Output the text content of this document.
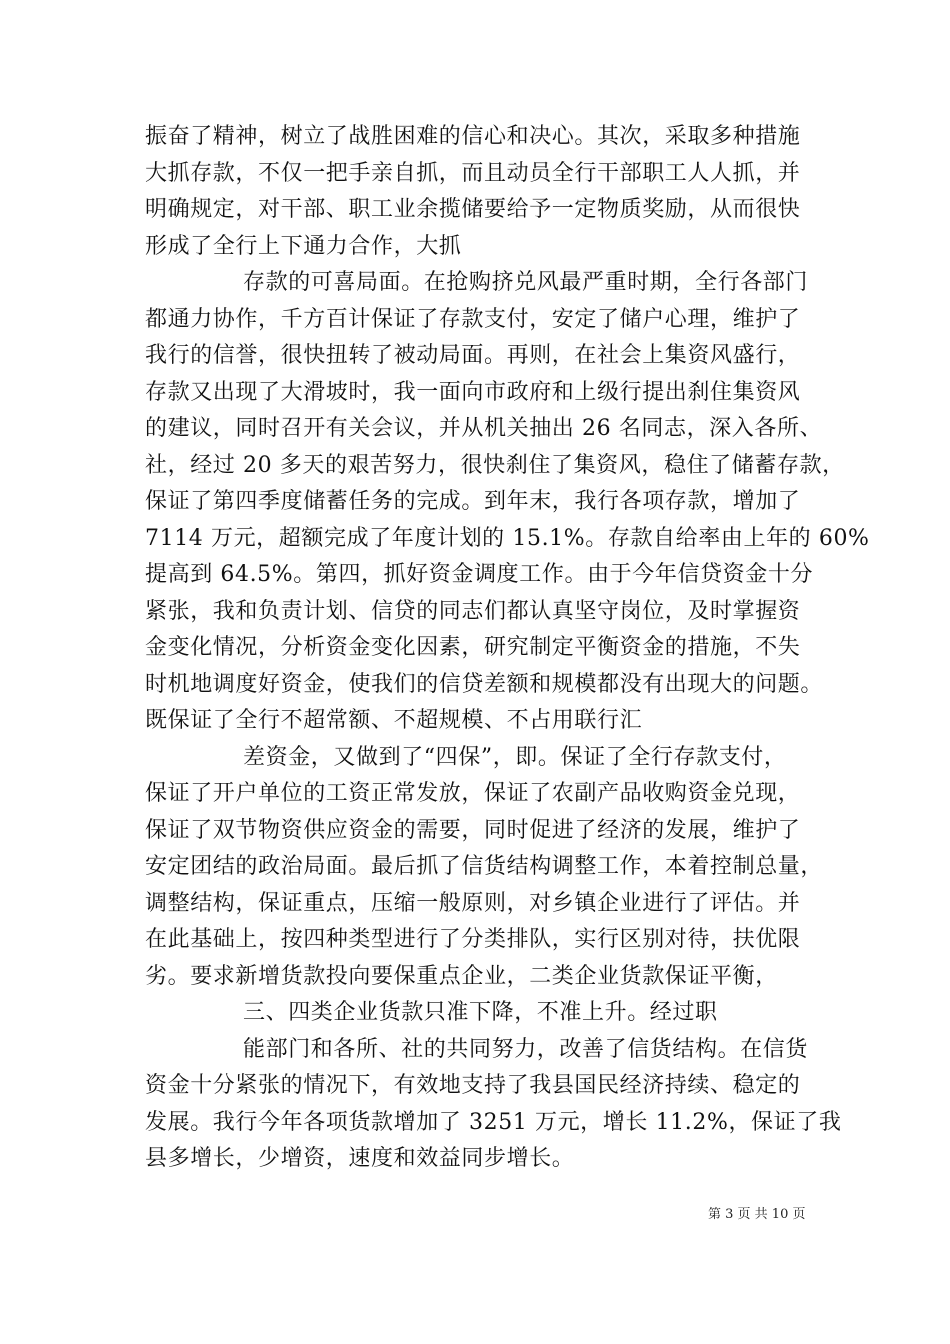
振奋了精神，树立了战胜困难的信心和决心。其次，采取多种措施
大抓存款，不仅一把手亲自抓，而且动员全行干部职工人人抓，并
明确规定，对干部、职工业余揽储要给予一定物质奖励，从而很快
形成了全行上下通力合作，大抓
存款的可喜局面。在抢购挤兑风最严重时期，全行各部门
都通力协作，千方百计保证了存款支付，安定了储户心理，维护了
我行的信誉，很快扭转了被动局面。再则，在社会上集资风盛行，
存款又出现了大滑坡时，我一面向市政府和上级行提出刹住集资风
的建议，同时召开有关会议，并从机关抽出 26 名同志，深入各所、
社，经过 20 多天的艰苦努力，很快刹住了集资风，稳住了储蓄存款，
保证了第四季度储蓄任务的完成。到年末，我行各项存款，增加了
7114 万元，超额完成了年度计划的 15.1%。存款自给率由上年的 60%
提高到 64.5%。第四，抓好资金调度工作。由于今年信贷资金十分
紧张，我和负责计划、信贷的同志们都认真坚守岗位，及时掌握资
金变化情况，分析资金变化因素，研究制定平衡资金的措施，不失
时机地调度好资金，使我们的信贷差额和规模都没有出现大的问题。
既保证了全行不超常额、不超规模、不占用联行汇
差资金，又做到了“四保”，即。保证了全行存款支付，
保证了开户单位的工资正常发放，保证了农副产品收购资金兑现，
保证了双节物资供应资金的需要，同时促进了经济的发展，维护了
安定团结的政治局面。最后抓了信货结构调整工作，本着控制总量，
调整结构，保证重点，压缩一般原则，对乡镇企业进行了评估。并
在此基础上，按四种类型进行了分类排队，实行区别对待，扶优限
劣。要求新增货款投向要保重点企业，二类企业货款保证平衡，
三、四类企业货款只准下降，不准上升。经过职
能部门和各所、社的共同努力，改善了信货结构。在信货
资金十分紧张的情况下，有效地支持了我县国民经济持续、稳定的
发展。我行今年各项货款增加了 3251 万元，增长 11.2%，保证了我
县多增长，少增资，速度和效益同步增长。
第 3 页 共 10 页
